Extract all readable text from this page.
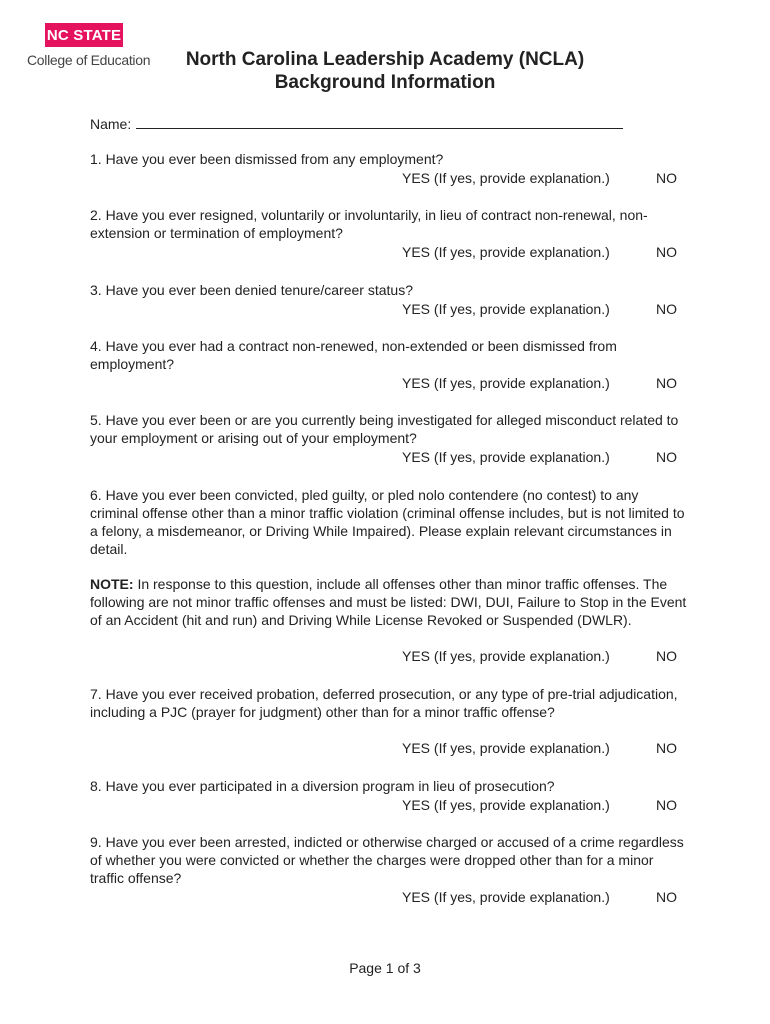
NC STATE
College of Education	North Carolina Leadership Academy (NCLA)
Background Information
Name:
1. Have you ever been dismissed from any employment?
YES (If yes, provide explanation.)	NO
2. Have you ever resigned, voluntarily or involuntarily, in lieu of contract non-renewal, non-extension or termination of employment?
YES (If yes, provide explanation.)	NO
3. Have you ever been denied tenure/career status?
YES (If yes, provide explanation.)	NO
4. Have you ever had a contract non-renewed, non-extended or been dismissed from employment?
YES (If yes, provide explanation.)	NO
5. Have you ever been or are you currently being investigated for alleged misconduct related to your employment or arising out of your employment?
YES (If yes, provide explanation.)	NO
6. Have you ever been convicted, pled guilty, or pled nolo contendere (no contest) to any criminal offense other than a minor traffic violation (criminal offense includes, but is not limited to a felony, a misdemeanor, or Driving While Impaired). Please explain relevant circumstances in detail.
NOTE: In response to this question, include all offenses other than minor traffic offenses. The following are not minor traffic offenses and must be listed: DWI, DUI, Failure to Stop in the Event of an Accident (hit and run) and Driving While License Revoked or Suspended (DWLR).
YES (If yes, provide explanation.)	NO
7. Have you ever received probation, deferred prosecution, or any type of pre-trial adjudication, including a PJC (prayer for judgment) other than for a minor traffic offense?
YES (If yes, provide explanation.)	NO
8. Have you ever participated in a diversion program in lieu of prosecution?
YES (If yes, provide explanation.)	NO
9. Have you ever been arrested, indicted or otherwise charged or accused of a crime regardless of whether you were convicted or whether the charges were dropped other than for a minor traffic offense?
YES (If yes, provide explanation.)	NO
Page 1 of 3
